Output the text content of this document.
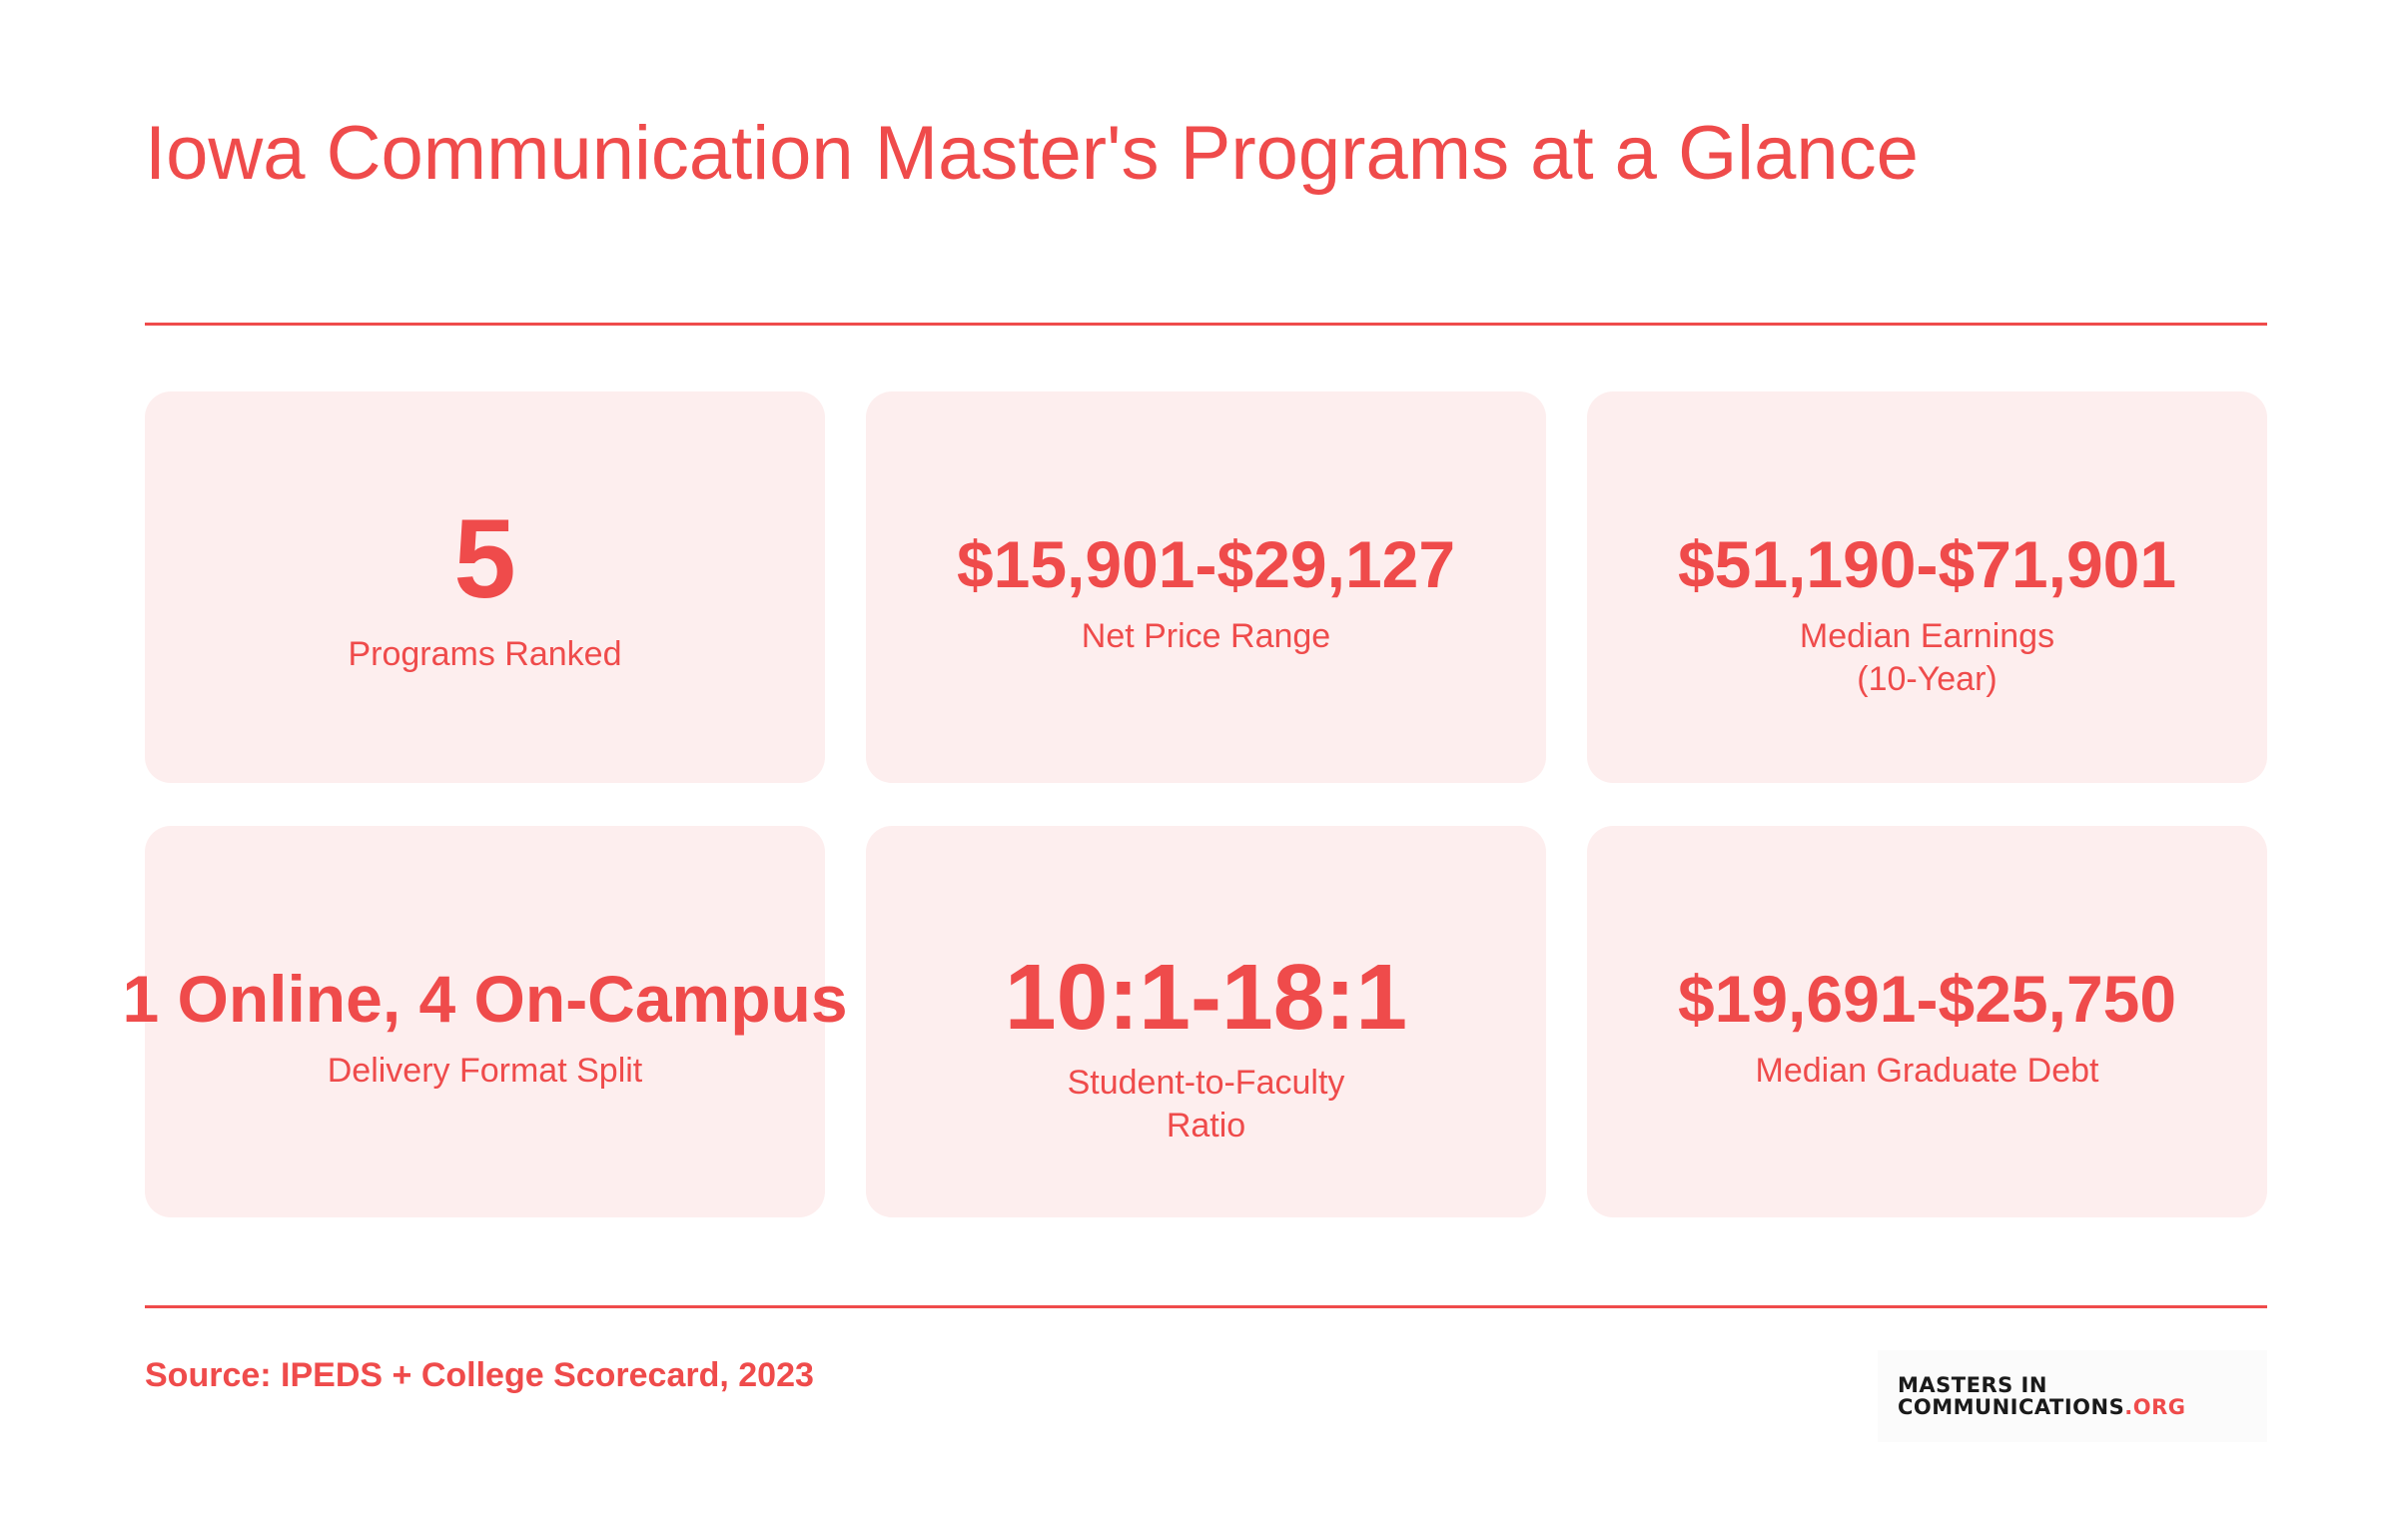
Iowa Communication Master's Programs at a Glance
5
Programs Ranked
$15,901-$29,127
Net Price Range
$51,190-$71,901
Median Earnings (10-Year)
1 Online, 4 On-Campus
Delivery Format Split
10:1-18:1
Student-to-Faculty Ratio
$19,691-$25,750
Median Graduate Debt
Source: IPEDS + College Scorecard, 2023	MASTERS IN
COMMUNICATIONS.ORG
